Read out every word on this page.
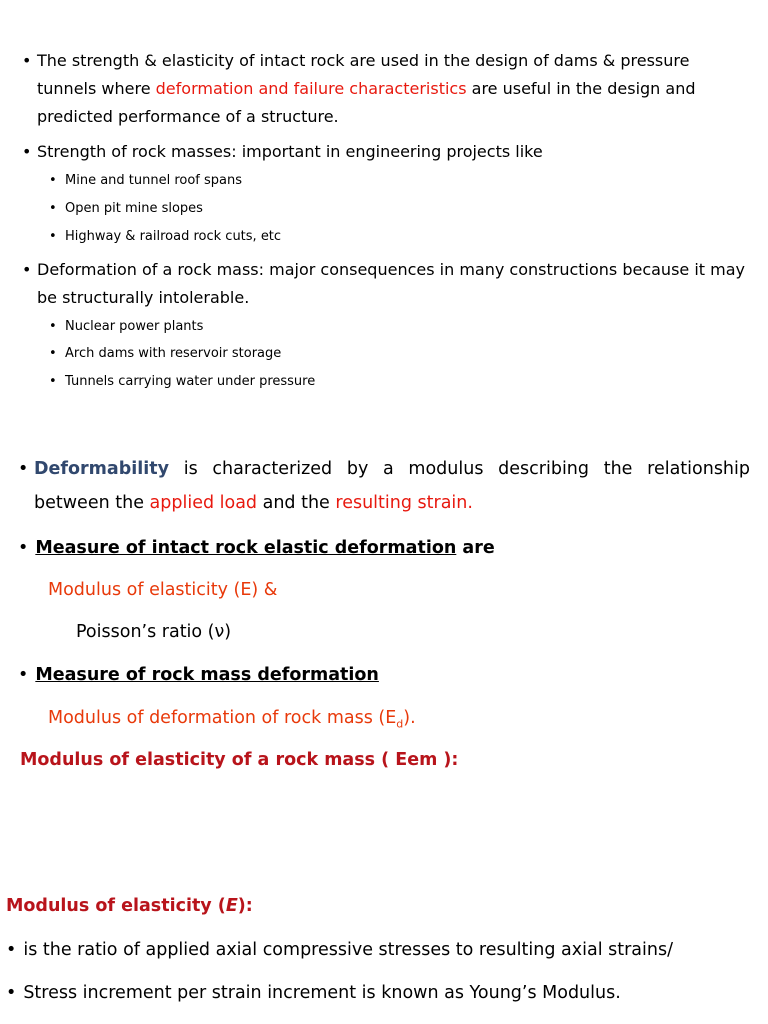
• The strength & elasticity of intact rock are used in the design of dams & pressure tunnels where deformation and failure characteristics are useful in the design and predicted performance of a structure.
• Strength of rock masses: important in engineering projects like
• Mine and tunnel roof spans
• Open pit mine slopes
• Highway & railroad rock cuts, etc
• Deformation of a rock mass: major consequences in many constructions because it may be structurally intolerable.
• Nuclear power plants
• Arch dams with reservoir storage
• Tunnels carrying water under pressure
• Deformability is characterized by a modulus describing the relationship
between the applied load and the resulting strain.
• Measure of intact rock elastic deformation are
Modulus of elasticity (E) &
Poisson’s ratio (ν)
• Measure of rock mass deformation
Modulus of deformation of rock mass $(E_d)$.
Modulus of elasticity of a rock mass ( Eem ):
Modulus of elasticity (E):
• is the ratio of applied axial compressive stresses to resulting axial strains/
• Stress increment per strain increment is known as Young’s Modulus.
